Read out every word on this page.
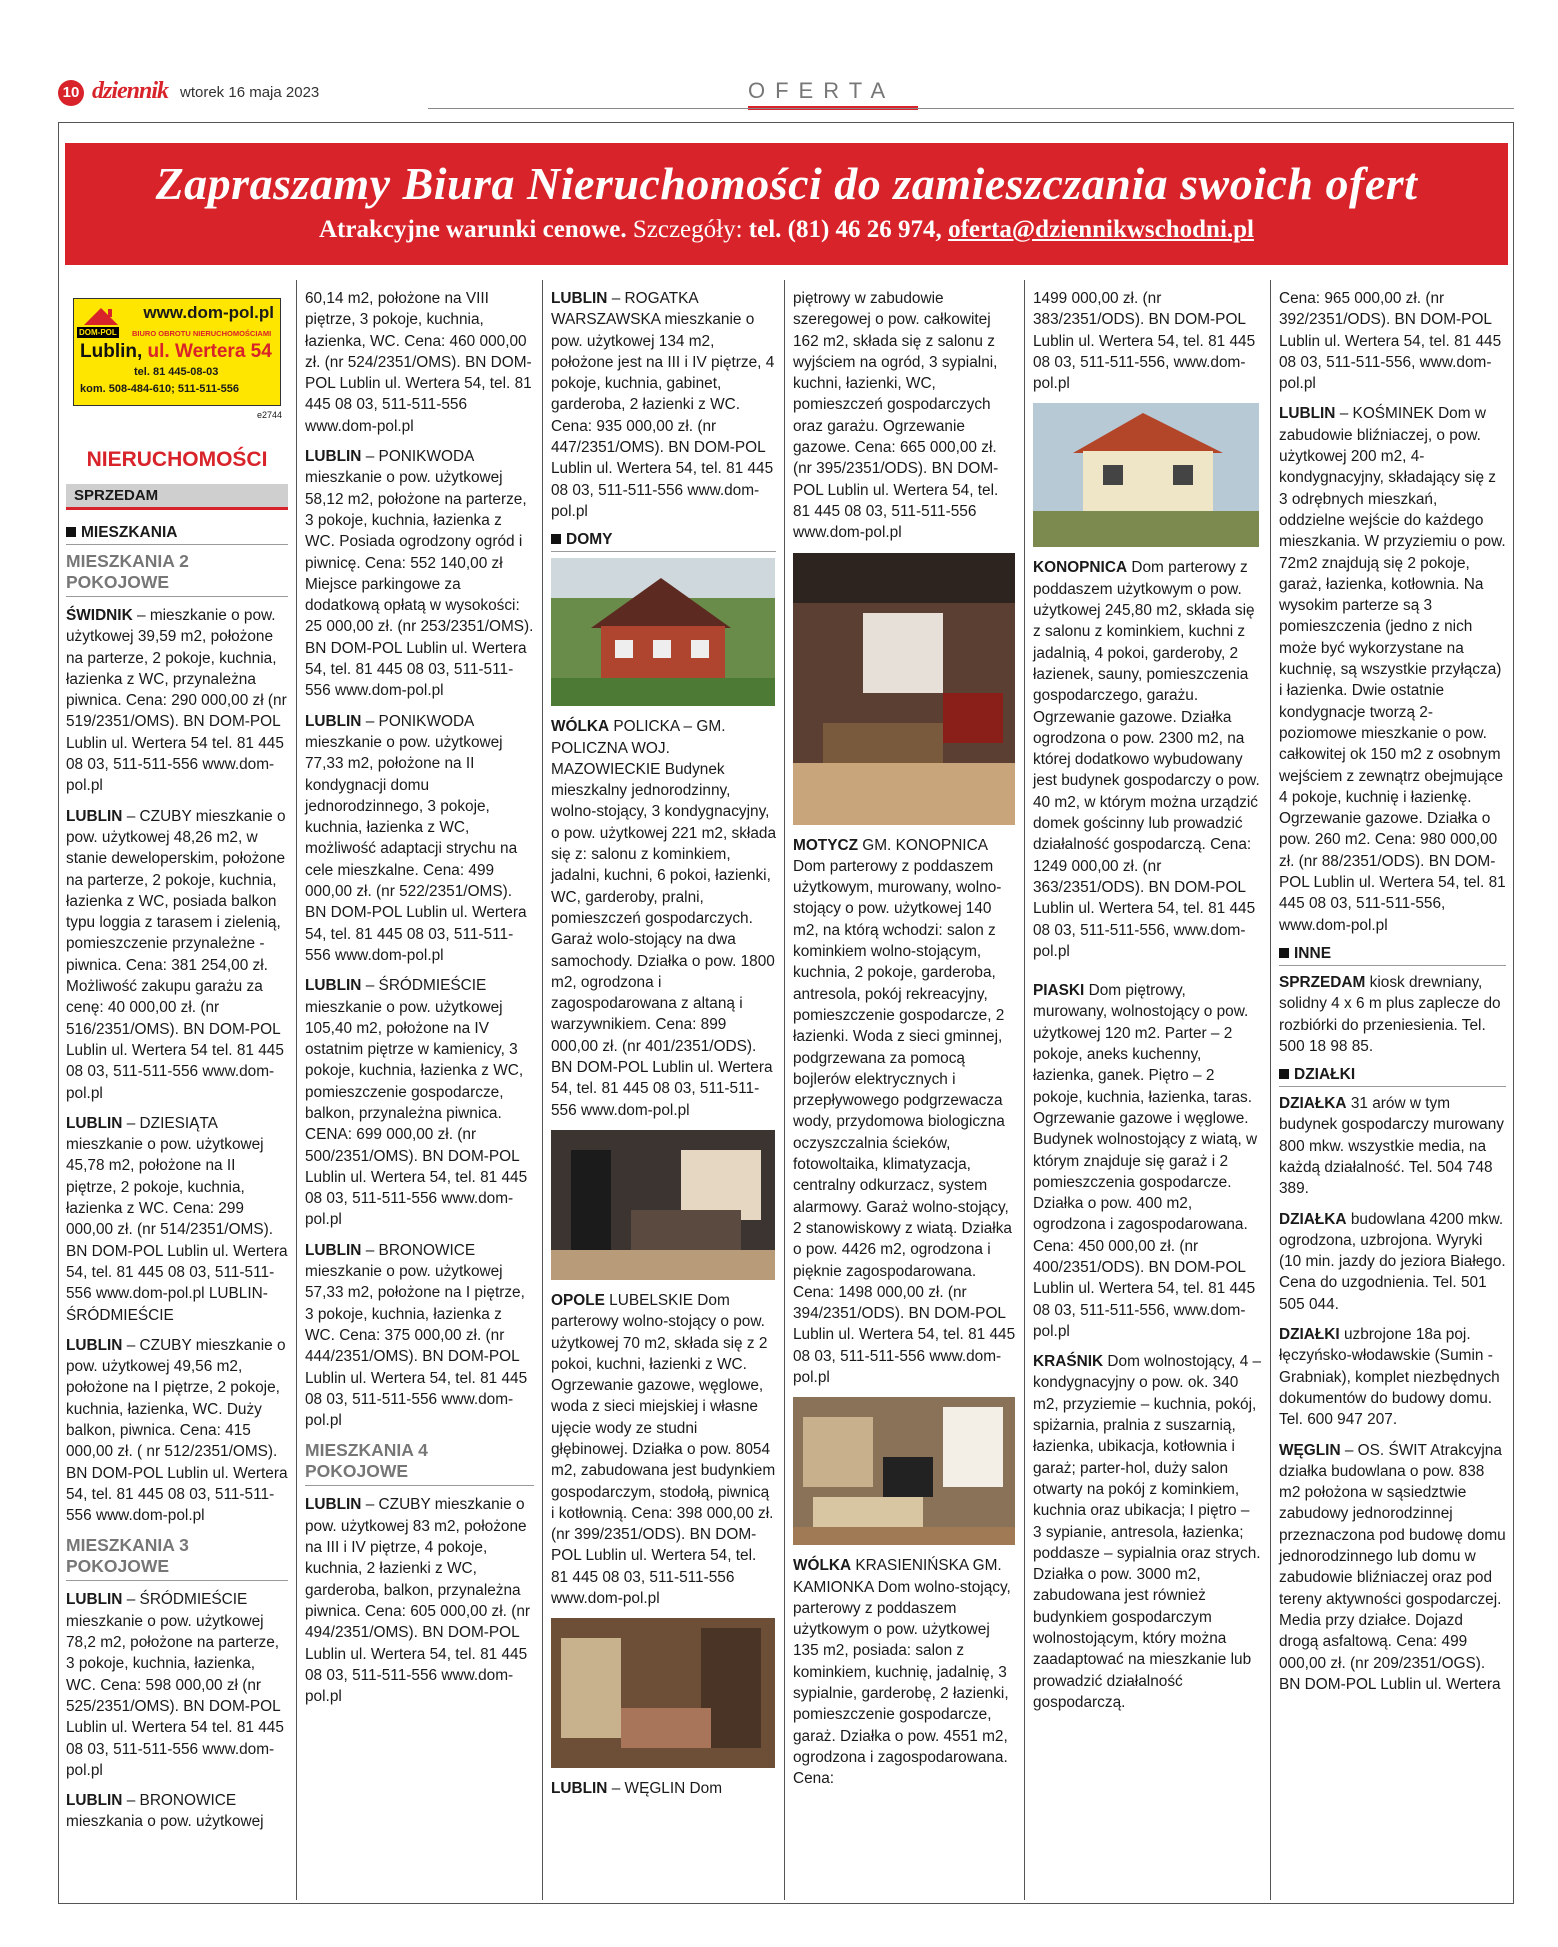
10 dziennik wtorek 16 maja 2023	OFERTA
Zapraszamy Biura Nieruchomości do zamieszczania swoich ofert
Atrakcyjne warunki cenowe. Szczegóły: tel. (81) 46 26 974, oferta@dziennikwschodni.pl
DOM-POL
www.dom-pol.pl
BIURO OBROTU NIERUCHOMOŚCIAMI
Lublin, ul. Wertera 54
tel. 81 445-08-03
kom. 508-484-610; 511-511-556
e2744
NIERUCHOMOŚCI
SPRZEDAM
MIESZKANIA
MIESZKANIA 2 POKOJOWE

ŚWIDNIK – mieszkanie o pow. użytkowej 39,59 m2, położone na parterze, 2 pokoje, kuchnia, łazienka z WC, przynależna piwnica. Cena: 290 000,00 zł (nr 519/2351/OMS). BN DOM-POL Lublin ul. Wertera 54 tel. 81 445 08 03, 511-511-556 www.dom-pol.pl

LUBLIN – CZUBY mieszkanie o pow. użytkowej 48,26 m2, w stanie deweloperskim, położone na parterze, 2 pokoje, kuchnia, łazienka z WC, posiada balkon typu loggia z tarasem i zielenią, pomieszczenie przynależne - piwnica. Cena: 381 254,00 zł. Możliwość zakupu garażu za cenę: 40 000,00 zł. (nr 516/2351/OMS). BN DOM-POL Lublin ul. Wertera 54 tel. 81 445 08 03, 511-511-556 www.dom-pol.pl

LUBLIN – DZIESIĄTA mieszkanie o pow. użytkowej 45,78 m2, położone na II piętrze, 2 pokoje, kuchnia, łazienka z WC. Cena: 299 000,00 zł. (nr 514/2351/OMS). BN DOM-POL Lublin ul. Wertera 54, tel. 81 445 08 03, 511-511-556 www.dom-pol.pl LUBLIN-ŚRÓDMIEŚCIE

LUBLIN – CZUBY mieszkanie o pow. użytkowej 49,56 m2, położone na I piętrze, 2 pokoje, kuchnia, łazienka, WC. Duży balkon, piwnica. Cena: 415 000,00 zł. ( nr 512/2351/OMS). BN DOM-POL Lublin ul. Wertera 54, tel. 81 445 08 03, 511-511-556 www.dom-pol.pl

MIESZKANIA 3 POKOJOWE

LUBLIN – ŚRÓDMIEŚCIE mieszkanie o pow. użytkowej 78,2 m2, położone na parterze, 3 pokoje, kuchnia, łazienka, WC. Cena: 598 000,00 zł (nr 525/2351/OMS). BN DOM-POL Lublin ul. Wertera 54 tel. 81 445 08 03, 511-511-556 www.dom-pol.pl

LUBLIN – BRONOWICE mieszkania o pow. użytkowej

60,14 m2, położone na VIII piętrze, 3 pokoje, kuchnia, łazienka, WC. Cena: 460 000,00 zł. (nr 524/2351/OMS). BN DOM-POL Lublin ul. Wertera 54, tel. 81 445 08 03, 511-511-556 www.dom-pol.pl

LUBLIN – PONIKWODA mieszkanie o pow. użytkowej 58,12 m2, położone na parterze, 3 pokoje, kuchnia, łazienka z WC. Posiada ogrodzony ogród i piwnicę. Cena: 552 140,00 zł Miejsce parkingowe za dodatkową opłatą w wysokości: 25 000,00 zł. (nr 253/2351/OMS). BN DOM-POL Lublin ul. Wertera 54, tel. 81 445 08 03, 511-511-556 www.dom-pol.pl

LUBLIN – PONIKWODA mieszkanie o pow. użytkowej 77,33 m2, położone na II kondygnacji domu jednorodzinnego, 3 pokoje, kuchnia, łazienka z WC, możliwość adaptacji strychu na cele mieszkalne. Cena: 499 000,00 zł. (nr 522/2351/OMS). BN DOM-POL Lublin ul. Wertera 54, tel. 81 445 08 03, 511-511-556 www.dom-pol.pl

LUBLIN – ŚRÓDMIEŚCIE mieszkanie o pow. użytkowej 105,40 m2, położone na IV ostatnim piętrze w kamienicy, 3 pokoje, kuchnia, łazienka z WC, pomieszczenie gospodarcze, balkon, przynależna piwnica. CENA: 699 000,00 zł. (nr 500/2351/OMS). BN DOM-POL Lublin ul. Wertera 54, tel. 81 445 08 03, 511-511-556 www.dom-pol.pl

LUBLIN – BRONOWICE mieszkanie o pow. użytkowej 57,33 m2, położone na I piętrze, 3 pokoje, kuchnia, łazienka z WC. Cena: 375 000,00 zł. (nr 444/2351/OMS). BN DOM-POL Lublin ul. Wertera 54, tel. 81 445 08 03, 511-511-556 www.dom-pol.pl

MIESZKANIA 4 POKOJOWE

LUBLIN – CZUBY mieszkanie o pow. użytkowej 83 m2, położone na III i IV piętrze, 4 pokoje, kuchnia, 2 łazienki z WC, garderoba, balkon, przynależna piwnica. Cena: 605 000,00 zł. (nr 494/2351/OMS). BN DOM-POL Lublin ul. Wertera 54, tel. 81 445 08 03, 511-511-556 www.dom-pol.pl

LUBLIN – ROGATKA WARSZAWSKA mieszkanie o pow. użytkowej 134 m2, położone jest na III i IV piętrze, 4 pokoje, kuchnia, gabinet, garderoba, 2 łazienki z WC. Cena: 935 000,00 zł. (nr 447/2351/OMS). BN DOM-POL Lublin ul. Wertera 54, tel. 81 445 08 03, 511-511-556 www.dom-pol.pl

DOMY

WÓLKA POLICKA – GM. POLICZNA WOJ. MAZOWIECKIE Budynek mieszkalny jednorodzinny, wolno-stojący, 3 kondygnacyjny, o pow. użytkowej 221 m2, składa się z: salonu z kominkiem, jadalni, kuchni, 6 pokoi, łazienki, WC, garderoby, pralni, pomieszczeń gospodarczych. Garaż wolo-stojący na dwa samochody. Działka o pow. 1800 m2, ogrodzona i zagospodarowana z altaną i warzywnikiem. Cena: 899 000,00 zł. (nr 401/2351/ODS). BN DOM-POL Lublin ul. Wertera 54, tel. 81 445 08 03, 511-511-556 www.dom-pol.pl

OPOLE LUBELSKIE Dom parterowy wolno-stojący o pow. użytkowej 70 m2, składa się z 2 pokoi, kuchni, łazienki z WC. Ogrzewanie gazowe, węglowe, woda z sieci miejskiej i własne ujęcie wody ze studni głębinowej. Działka o pow. 8054 m2, zabudowana jest budynkiem gospodarczym, stodołą, piwnicą i kotłownią. Cena: 398 000,00 zł. (nr 399/2351/ODS). BN DOM-POL Lublin ul. Wertera 54, tel. 81 445 08 03, 511-511-556 www.dom-pol.pl

LUBLIN – WĘGLIN Dom

piętrowy w zabudowie szeregowej o pow. całkowitej 162 m2, składa się z salonu z wyjściem na ogród, 3 sypialni, kuchni, łazienki, WC, pomieszczeń gospodarczych oraz garażu. Ogrzewanie gazowe. Cena: 665 000,00 zł. (nr 395/2351/ODS). BN DOM-POL Lublin ul. Wertera 54, tel. 81 445 08 03, 511-511-556 www.dom-pol.pl

MOTYCZ GM. KONOPNICA Dom parterowy z poddaszem użytkowym, murowany, wolno-stojący o pow. użytkowej 140 m2, na którą wchodzi: salon z kominkiem wolno-stojącym, kuchnia, 2 pokoje, garderoba, antresola, pokój rekreacyjny, pomieszczenie gospodarcze, 2 łazienki. Woda z sieci gminnej, podgrzewana za pomocą bojlerów elektrycznych i przepływowego podgrzewacza wody, przydomowa biologiczna oczyszczalnia ścieków, fotowoltaika, klimatyzacja, centralny odkurzacz, system alarmowy. Garaż wolno-stojący, 2 stanowiskowy z wiatą. Działka o pow. 4426 m2, ogrodzona i pięknie zagospodarowana. Cena: 1498 000,00 zł. (nr 394/2351/ODS). BN DOM-POL Lublin ul. Wertera 54, tel. 81 445 08 03, 511-511-556 www.dom-pol.pl

WÓLKA KRASIENIŃSKA GM. KAMIONKA Dom wolno-stojący, parterowy z poddaszem użytkowym o pow. użytkowej 135 m2, posiada: salon z kominkiem, kuchnię, jadalnię, 3 sypialnie, garderobę, 2 łazienki, pomieszczenie gospodarcze, garaż. Działka o pow. 4551 m2, ogrodzona i zagospodarowana. Cena:

1499 000,00 zł. (nr 383/2351/ODS). BN DOM-POL Lublin ul. Wertera 54, tel. 81 445 08 03, 511-511-556, www.dom-pol.pl

KONOPNICA Dom parterowy z poddaszem użytkowym o pow. użytkowej 245,80 m2, składa się z salonu z kominkiem, kuchni z jadalnią, 4 pokoi, garderoby, 2 łazienek, sauny, pomieszczenia gospodarczego, garażu. Ogrzewanie gazowe. Działka ogrodzona o pow. 2300 m2, na której dodatkowo wybudowany jest budynek gospodarczy o pow. 40 m2, w którym można urządzić domek gościnny lub prowadzić działalność gospodarczą. Cena: 1249 000,00 zł. (nr 363/2351/ODS). BN DOM-POL Lublin ul. Wertera 54, tel. 81 445 08 03, 511-511-556, www.dom-pol.pl

PIASKI Dom piętrowy, murowany, wolnostojący o pow. użytkowej 120 m2. Parter – 2 pokoje, aneks kuchenny, łazienka, ganek. Piętro – 2 pokoje, kuchnia, łazienka, taras. Ogrzewanie gazowe i węglowe. Budynek wolnostojący z wiatą, w którym znajduje się garaż i 2 pomieszczenia gospodarcze. Działka o pow. 400 m2, ogrodzona i zagospodarowana. Cena: 450 000,00 zł. (nr 400/2351/ODS). BN DOM-POL Lublin ul. Wertera 54, tel. 81 445 08 03, 511-511-556, www.dom-pol.pl

KRAŚNIK Dom wolnostojący, 4 – kondygnacyjny o pow. ok. 340 m2, przyziemie – kuchnia, pokój, spiżarnia, pralnia z suszarnią, łazienka, ubikacja, kotłownia i garaż; parter-hol, duży salon otwarty na pokój z kominkiem, kuchnia oraz ubikacja; I piętro – 3 sypianie, antresola, łazienka; poddasze – sypialnia oraz strych. Działka o pow. 3000 m2, zabudowana jest również budynkiem gospodarczym wolnostojącym, który można zaadaptować na mieszkanie lub prowadzić działalność gospodarczą.

Cena: 965 000,00 zł. (nr 392/2351/ODS). BN DOM-POL Lublin ul. Wertera 54, tel. 81 445 08 03, 511-511-556, www.dom-pol.pl

LUBLIN – KOŚMINEK Dom w zabudowie bliźniaczej, o pow. użytkowej 200 m2, 4-kondygnacyjny, składający się z 3 odrębnych mieszkań, oddzielne wejście do każdego mieszkania. W przyziemiu o pow. 72m2 znajdują się 2 pokoje, garaż, łazienka, kotłownia. Na wysokim parterze są 3 pomieszczenia (jedno z nich może być wykorzystane na kuchnię, są wszystkie przyłącza) i łazienka. Dwie ostatnie kondygnacje tworzą 2-poziomowe mieszkanie o pow. całkowitej ok 150 m2 z osobnym wejściem z zewnątrz obejmujące 4 pokoje, kuchnię i łazienkę. Ogrzewanie gazowe. Działka o pow. 260 m2. Cena: 980 000,00 zł. (nr 88/2351/ODS). BN DOM-POL Lublin ul. Wertera 54, tel. 81 445 08 03, 511-511-556, www.dom-pol.pl

INNE

SPRZEDAM kiosk drewniany, solidny 4 x 6 m plus zaplecze do rozbiórki do przeniesienia. Tel. 500 18 98 85.

DZIAŁKI

DZIAŁKA 31 arów w tym budynek gospodarczy murowany 800 mkw. wszystkie media, na każdą działalność. Tel. 504 748 389.

DZIAŁKA budowlana 4200 mkw. ogrodzona, uzbrojona. Wyryki (10 min. jazdy do jeziora Białego. Cena do uzgodnienia. Tel. 501 505 044.

DZIAŁKI uzbrojone 18a poj. łęczyńsko-włodawskie (Sumin - Grabniak), komplet niezbędnych dokumentów do budowy domu. Tel. 600 947 207.

WĘGLIN – OS. ŚWIT Atrakcyjna działka budowlana o pow. 838 m2 położona w sąsiedztwie zabudowy jednorodzinnej przeznaczona pod budowę domu jednorodzinnego lub domu w zabudowie bliźniaczej oraz pod tereny aktywności gospodarczej. Media przy działce. Dojazd drogą asfaltową. Cena: 499 000,00 zł. (nr 209/2351/OGS). BN DOM-POL Lublin ul. Wertera
